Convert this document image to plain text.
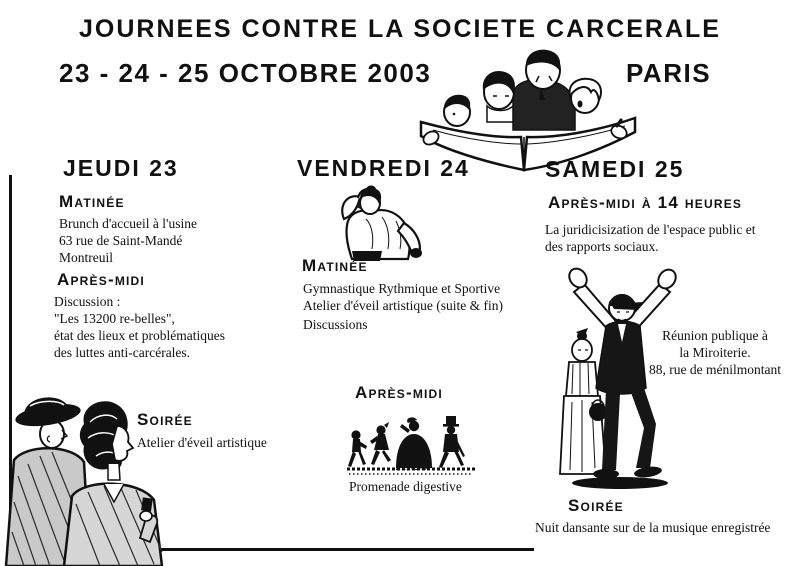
JOURNEES CONTRE LA SOCIETE CARCERALE
23 - 24 - 25 OCTOBRE 2003	PARIS
JEUDI 23
Matinée
Brunch d'accueil à l'usine
63 rue de Saint-Mandé
Montreuil
Après-midi
Discussion :
"Les 13200 re-belles",
état des lieux et problématiques
des luttes anti-carcérales.
Soirée
Atelier d'éveil artistique
VENDREDI 24
Matinée
Gymnastique Rythmique et Sportive
Atelier d'éveil artistique (suite & fin)
Discussions
Après-midi
Promenade digestive
SAMEDI 25
Après-midi à 14 heures
La juridicisization de l'espace public et
des rapports sociaux.
Réunion publique à
la Miroiterie.
88, rue de ménilmontant
Soirée
Nuit dansante sur de la musique enregistrée
